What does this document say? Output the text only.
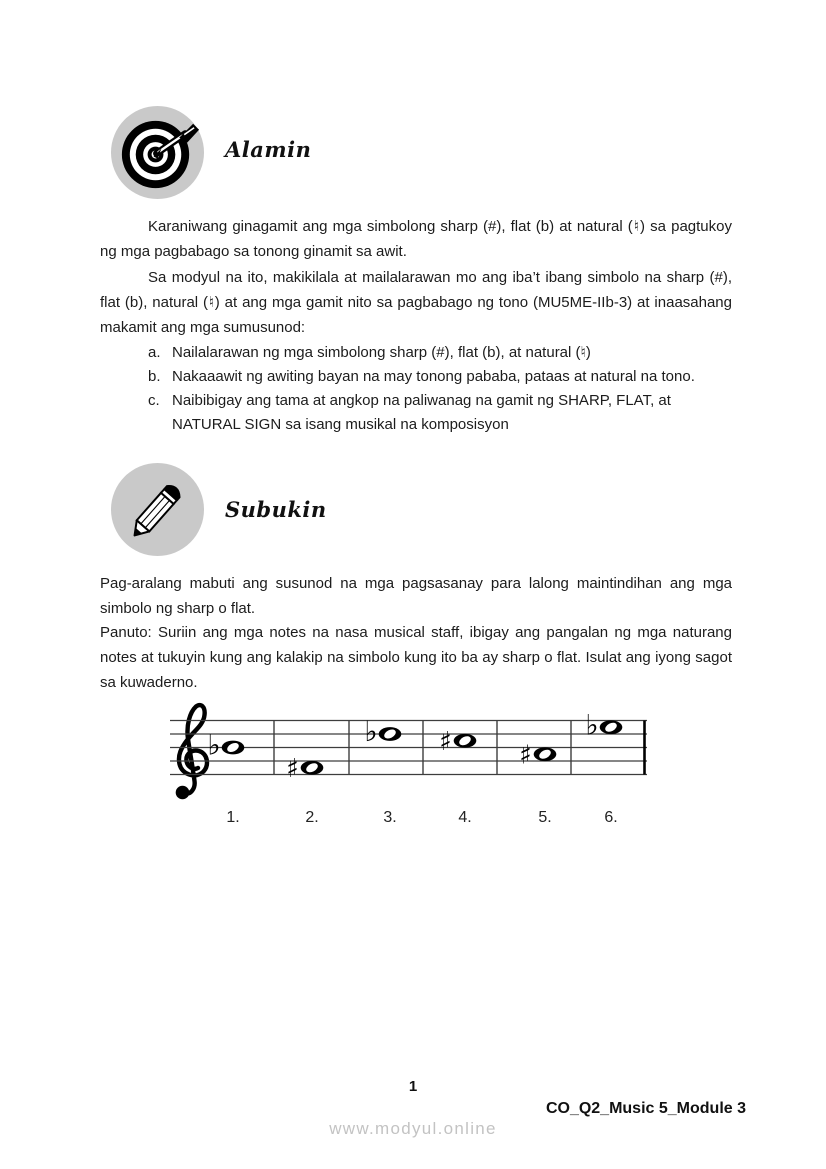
Alamin
Karaniwang ginagamit ang mga simbolong sharp (#), flat (b) at natural (♮) sa pagtukoy ng mga pagbabago sa tonong ginamit sa awit.
Sa modyul na ito, makikilala at mailalarawan mo ang iba’t ibang simbolo na sharp (#), flat (b), natural (♮) at ang mga gamit nito sa pagbabago ng tono (MU5ME-IIb-3) at inaasahang makamit ang mga sumusunod:
a. Nailalarawan ng mga simbolong sharp (#), flat (b), at natural (♮)
b. Nakaaawit ng awiting bayan na may tonong pababa, pataas at natural na tono.
c. Naibibigay ang tama at angkop na paliwanag na gamit ng SHARP, FLAT, at NATURAL SIGN sa isang musikal na komposisyon
Subukin
Pag-aralang mabuti ang susunod na mga pagsasanay para lalong maintindihan ang mga simbolo ng sharp o flat.
Panuto: Suriin ang mga notes na nasa musical staff, ibigay ang pangalan ng mga naturang notes at tukuyin kung ang kalakip na simbolo kung ito ba ay sharp o flat. Isulat ang iyong sagot sa kuwaderno.
♭
1.
♯
2.
♭
3.
♯
4.
♯
5.
♭
6.
1
CO_Q2_Music 5_Module 3
www.modyul.online
